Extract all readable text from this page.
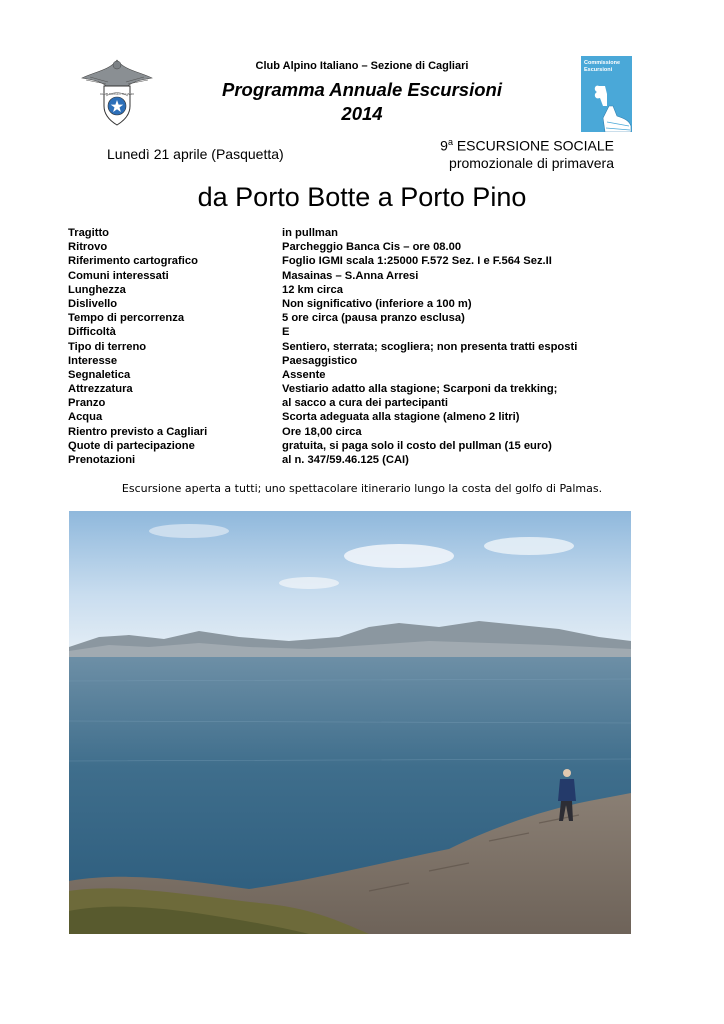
CLUB ALPINO ITALIANO
Commissione
Escursioni
Club Alpino Italiano – Sezione di Cagliari
Programma Annuale Escursioni
2014
Lunedì 21 aprile (Pasquetta)
9$^a$ ESCURSIONE SOCIALE
promozionale di primavera
da Porto Botte a Porto Pino
Tragitto	in pullman
Ritrovo	Parcheggio Banca Cis – ore 08.00
Riferimento cartografico	Foglio IGMI scala 1:25000 F.572 Sez. I e F.564 Sez.II
Comuni interessati	Masainas – S.Anna Arresi
Lunghezza	12 km circa
Dislivello	Non significativo (inferiore a 100 m)
Tempo di percorrenza	5 ore circa (pausa pranzo esclusa)
Difficoltà	E
Tipo di terreno	Sentiero, sterrata; scogliera; non presenta tratti esposti
Interesse	Paesaggistico
Segnaletica	Assente
Attrezzatura	Vestiario adatto alla stagione; Scarponi da trekking;
Pranzo	al sacco a cura dei partecipanti
Acqua	Scorta adeguata alla stagione (almeno 2 litri)
Rientro previsto a Cagliari	Ore 18,00 circa
Quote di partecipazione	gratuita, si paga solo il costo del pullman (15 euro)
Prenotazioni	al n. 347/59.46.125 (CAI)
Escursione aperta a tutti; uno spettacolare itinerario lungo la costa del golfo di Palmas.
